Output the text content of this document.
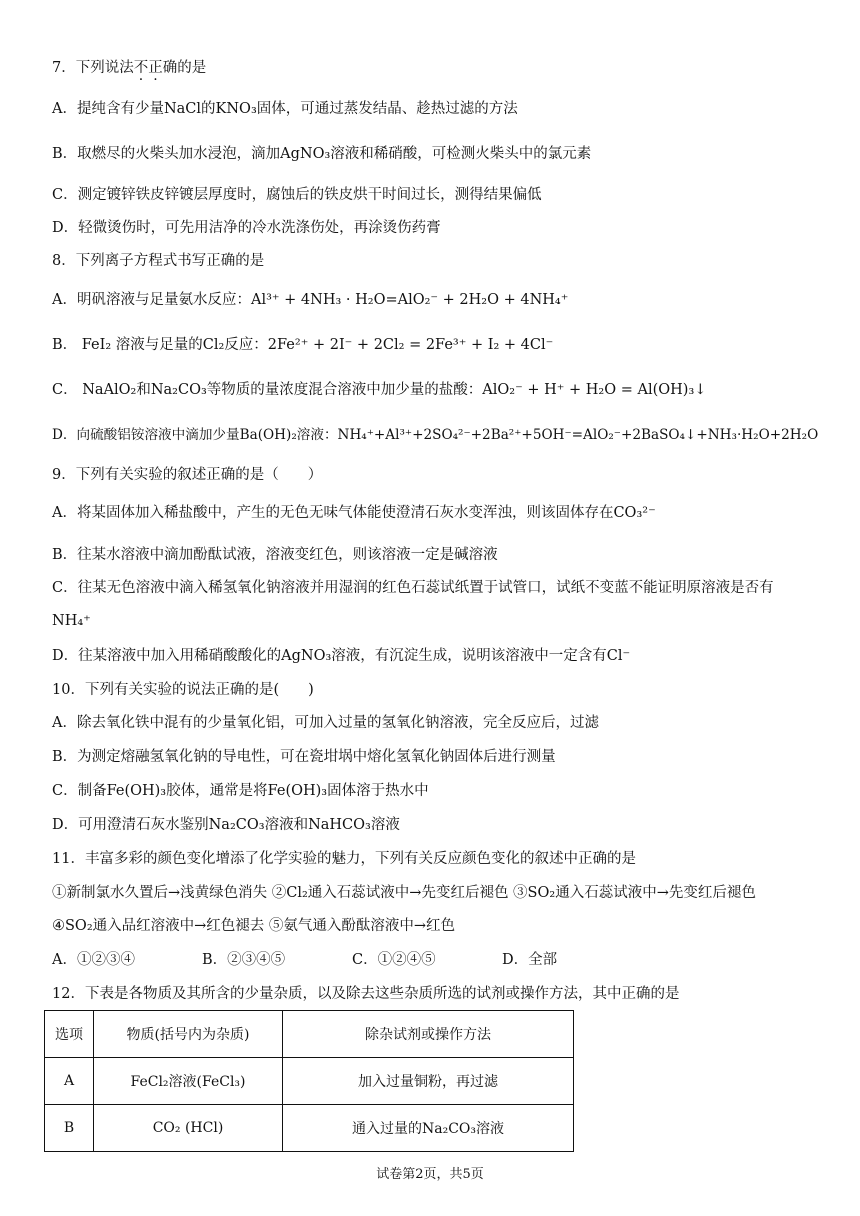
7．下列说法不正确的是
A．提纯含有少量NaCl的KNO₃固体，可通过蒸发结晶、趁热过滤的方法
B．取燃尽的火柴头加水浸泡，滴加AgNO₃溶液和稀硝酸，可检测火柴头中的氯元素
C．测定镀锌铁皮锌镀层厚度时，腐蚀后的铁皮烘干时间过长，测得结果偏低
D．轻微烫伤时，可先用洁净的冷水洗涤伤处，再涂烫伤药膏
8．下列离子方程式书写正确的是
A．明矾溶液与足量氨水反应：Al³⁺ + 4NH₃ · H₂O=AlO₂⁻ + 2H₂O + 4NH₄⁺
B． FeI₂ 溶液与足量的Cl₂反应：2Fe²⁺ + 2I⁻ + 2Cl₂ = 2Fe³⁺ + I₂ + 4Cl⁻
C． NaAlO₂和Na₂CO₃等物质的量浓度混合溶液中加少量的盐酸：AlO₂⁻ + H⁺ + H₂O = Al(OH)₃↓
D．向硫酸铝铵溶液中滴加少量Ba(OH)₂溶液：NH₄⁺+Al³⁺+2SO₄²⁻+2Ba²⁺+5OH⁻=AlO₂⁻+2BaSO₄↓+NH₃·H₂O+2H₂O
9．下列有关实验的叙述正确的是（　　）
A．将某固体加入稀盐酸中，产生的无色无味气体能使澄清石灰水变浑浊，则该固体存在CO₃²⁻
B．往某水溶液中滴加酚酞试液，溶液变红色，则该溶液一定是碱溶液
C．往某无色溶液中滴入稀氢氧化钠溶液并用湿润的红色石蕊试纸置于试管口，试纸不变蓝不能证明原溶液是否有
NH₄⁺
D．往某溶液中加入用稀硝酸酸化的AgNO₃溶液，有沉淀生成，说明该溶液中一定含有Cl⁻
10．下列有关实验的说法正确的是(　　)
A．除去氧化铁中混有的少量氧化铝，可加入过量的氢氧化钠溶液，完全反应后，过滤
B．为测定熔融氢氧化钠的导电性，可在瓷坩埚中熔化氢氧化钠固体后进行测量
C．制备Fe(OH)₃胶体，通常是将Fe(OH)₃固体溶于热水中
D．可用澄清石灰水鉴别Na₂CO₃溶液和NaHCO₃溶液
11．丰富多彩的颜色变化增添了化学实验的魅力，下列有关反应颜色变化的叙述中正确的是
①新制氯水久置后→浅黄绿色消失 ②Cl₂通入石蕊试液中→先变红后褪色 ③SO₂通入石蕊试液中→先变红后褪色
④SO₂通入品红溶液中→红色褪去 ⑤氨气通入酚酞溶液中→红色
A．①②③④	B．②③④⑤	C．①②④⑤	D．全部
12．下表是各物质及其所含的少量杂质，以及除去这些杂质所选的试剂或操作方法，其中正确的是
选项	物质(括号内为杂质)	除杂试剂或操作方法
A	FeCl₂溶液(FeCl₃)	加入过量铜粉，再过滤
B	CO₂ (HCl)	通入过量的Na₂CO₃溶液
试卷第2页，共5页
